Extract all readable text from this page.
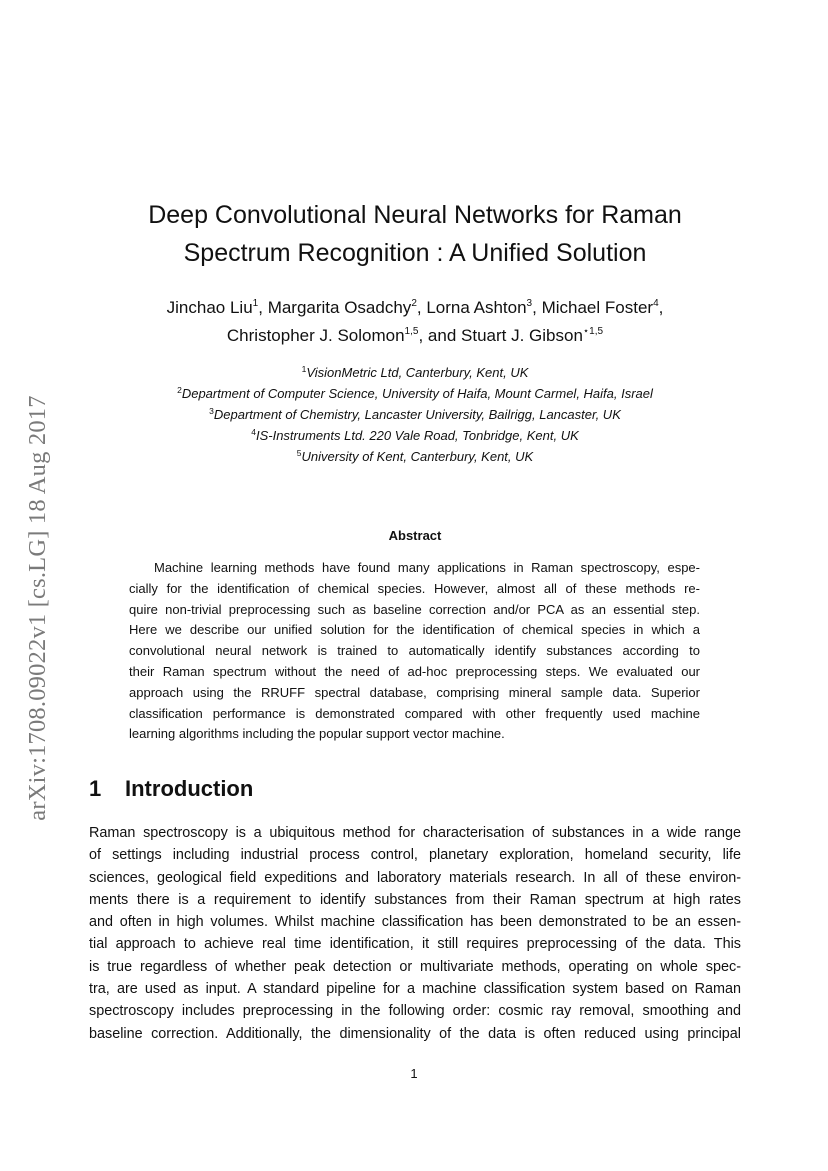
arXiv:1708.09022v1 [cs.LG] 18 Aug 2017
Deep Convolutional Neural Networks for Raman
Spectrum Recognition : A Unified Solution
Jinchao Liu$^1$, Margarita Osadchy$^2$, Lorna Ashton$^3$, Michael Foster$^4$,
Christopher J. Solomon$^{1,5}$, and Stuart J. Gibson$^{⋆1,5}$
$^1$VisionMetric Ltd, Canterbury, Kent, UK
$^2$Department of Computer Science, University of Haifa, Mount Carmel, Haifa, Israel
$^3$Department of Chemistry, Lancaster University, Bailrigg, Lancaster, UK
$^4$IS-Instruments Ltd. 220 Vale Road, Tonbridge, Kent, UK
$^5$University of Kent, Canterbury, Kent, UK
Abstract
Machine learning methods have found many applications in Raman spectroscopy, espe-
cially for the identification of chemical species. However, almost all of these methods re-
quire non-trivial preprocessing such as baseline correction and/or PCA as an essential step.
Here we describe our unified solution for the identification of chemical species in which a
convolutional neural network is trained to automatically identify substances according to
their Raman spectrum without the need of ad-hoc preprocessing steps. We evaluated our
approach using the RRUFF spectral database, comprising mineral sample data. Superior
classification performance is demonstrated compared with other frequently used machine
learning algorithms including the popular support vector machine.
1 Introduction
Raman spectroscopy is a ubiquitous method for characterisation of substances in a wide range
of settings including industrial process control, planetary exploration, homeland security, life
sciences, geological field expeditions and laboratory materials research. In all of these environ-
ments there is a requirement to identify substances from their Raman spectrum at high rates
and often in high volumes. Whilst machine classification has been demonstrated to be an essen-
tial approach to achieve real time identification, it still requires preprocessing of the data. This
is true regardless of whether peak detection or multivariate methods, operating on whole spec-
tra, are used as input. A standard pipeline for a machine classification system based on Raman
spectroscopy includes preprocessing in the following order: cosmic ray removal, smoothing and
baseline correction. Additionally, the dimensionality of the data is often reduced using principal
1
